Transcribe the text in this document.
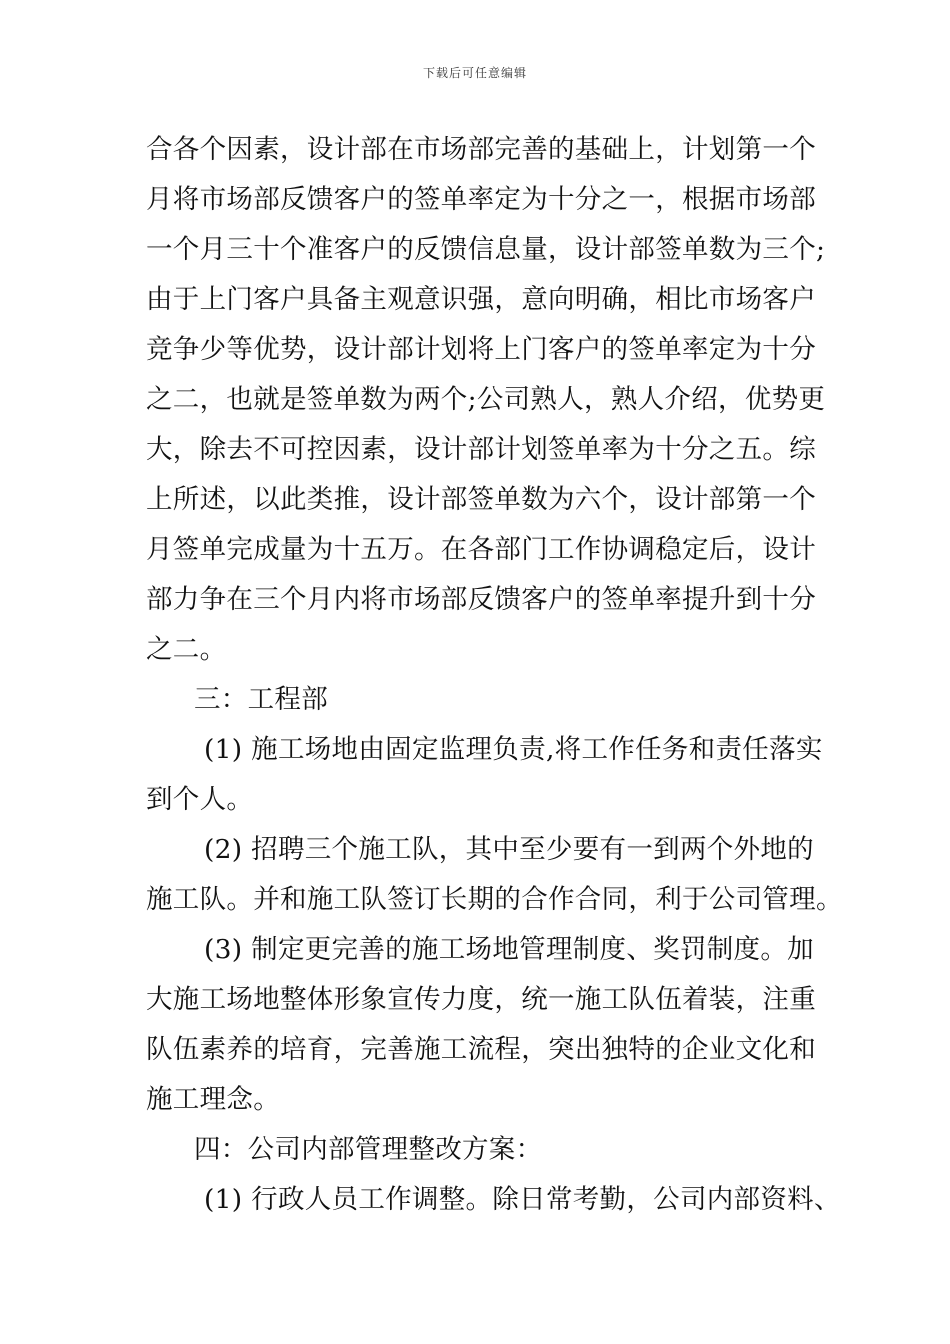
下载后可任意编辑
合各个因素，设计部在市场部完善的基础上，计划第一个
月将市场部反馈客户的签单率定为十分之一，根据市场部
一个月三十个准客户的反馈信息量，设计部签单数为三个;
由于上门客户具备主观意识强，意向明确，相比市场客户
竞争少等优势，设计部计划将上门客户的签单率定为十分
之二，也就是签单数为两个;公司熟人，熟人介绍，优势更
大，除去不可控因素，设计部计划签单率为十分之五。综
上所述，以此类推，设计部签单数为六个，设计部第一个
月签单完成量为十五万。在各部门工作协调稳定后，设计
部力争在三个月内将市场部反馈客户的签单率提升到十分
之二。
三：工程部
(1) 施工场地由固定监理负责,将工作任务和责任落实
到个人。
(2) 招聘三个施工队，其中至少要有一到两个外地的
施工队。并和施工队签订长期的合作合同，利于公司管理。
(3) 制定更完善的施工场地管理制度、奖罚制度。加
大施工场地整体形象宣传力度，统一施工队伍着装，注重
队伍素养的培育，完善施工流程，突出独特的企业文化和
施工理念。
四：公司内部管理整改方案：
(1) 行政人员工作调整。除日常考勤，公司内部资料、
